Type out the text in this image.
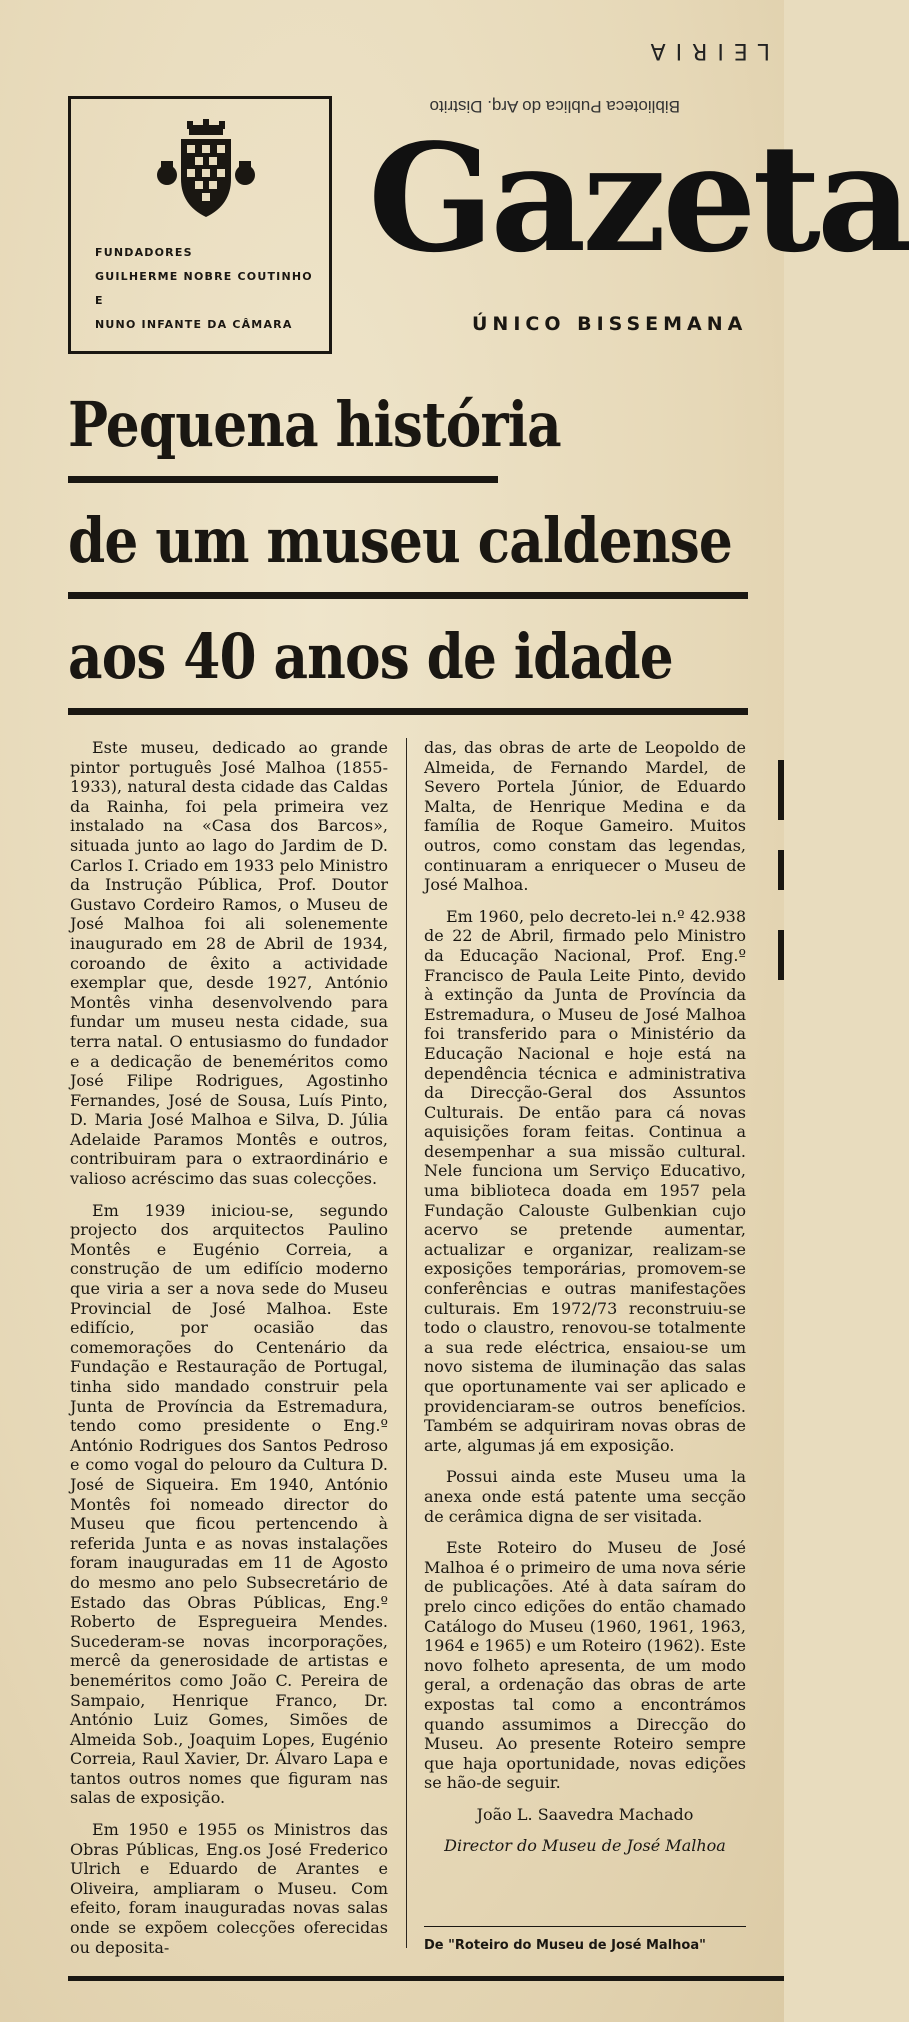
LEIRIA
FUNDADORES
GUILHERME NOBRE COUTINHO
E
NUNO INFANTE DA CÂMARA
Biblioteca Publica do Arq. Distrito
Gazeta
ÚNICO BISSEMANA
Pequena história
de um museu caldense
aos 40 anos de idade

Este museu, dedicado ao grande pintor português José Malhoa (1855-1933), natural desta cidade das Caldas da Rainha, foi pela primeira vez instalado na «Casa dos Barcos», situada junto ao lago do Jardim de D. Carlos I. Criado em 1933 pelo Ministro da Instrução Pública, Prof. Doutor Gustavo Cordeiro Ramos, o Museu de José Malhoa foi ali solenemente inaugurado em 28 de Abril de 1934, coroando de êxito a actividade exemplar que, desde 1927, António Montês vinha desenvolvendo para fundar um museu nesta cidade, sua terra natal. O entusiasmo do fundador e a dedicação de beneméritos como José Filipe Rodrigues, Agostinho Fernandes, José de Sousa, Luís Pinto, D. Maria José Malhoa e Silva, D. Júlia Adelaide Paramos Montês e outros, contribuiram para o extraordinário e valioso acréscimo das suas colecções.

Em 1939 iniciou-se, segundo projecto dos arquitectos Paulino Montês e Eugénio Correia, a construção de um edifício moderno que viria a ser a nova sede do Museu Provincial de José Malhoa. Este edifício, por ocasião das comemorações do Centenário da Fundação e Restauração de Portugal, tinha sido mandado construir pela Junta de Província da Estremadura, tendo como presidente o Eng.º António Rodrigues dos Santos Pedroso e como vogal do pelouro da Cultura D. José de Siqueira. Em 1940, António Montês foi nomeado director do Museu que ficou pertencendo à referida Junta e as novas instalações foram inauguradas em 11 de Agosto do mesmo ano pelo Subsecretário de Estado das Obras Públicas, Eng.º Roberto de Espregueira Mendes. Sucederam-se novas incorporações, mercê da generosidade de artistas e beneméritos como João C. Pereira de Sampaio, Henrique Franco, Dr. António Luiz Gomes, Simões de Almeida Sob., Joaquim Lopes, Eugénio Correia, Raul Xavier, Dr. Álvaro Lapa e tantos outros nomes que figuram nas salas de exposição.

Em 1950 e 1955 os Ministros das Obras Públicas, Eng.os José Frederico Ulrich e Eduardo de Arantes e Oliveira, ampliaram o Museu. Com efeito, foram inauguradas novas salas onde se expõem colecções oferecidas ou deposita-

das, das obras de arte de Leopoldo de Almeida, de Fernando Mardel, de Severo Portela Júnior, de Eduardo Malta, de Henrique Medina e da família de Roque Gameiro. Muitos outros, como constam das legendas, continuaram a enriquecer o Museu de José Malhoa.

Em 1960, pelo decreto-lei n.º 42.938 de 22 de Abril, firmado pelo Ministro da Educação Nacional, Prof. Eng.º Francisco de Paula Leite Pinto, devido à extinção da Junta de Província da Estremadura, o Museu de José Malhoa foi transferido para o Ministério da Educação Nacional e hoje está na dependência técnica e administrativa da Direcção-Geral dos Assuntos Culturais. De então para cá novas aquisições foram feitas. Continua a desempenhar a sua missão cultural. Nele funciona um Serviço Educativo, uma biblioteca doada em 1957 pela Fundação Calouste Gulbenkian cujo acervo se pretende aumentar, actualizar e organizar, realizam-se exposições temporárias, promovem-se conferências e outras manifestações culturais. Em 1972/73 reconstruiu-se todo o claustro, renovou-se totalmente a sua rede eléctrica, ensaiou-se um novo sistema de iluminação das salas que oportunamente vai ser aplicado e providenciaram-se outros benefícios. Também se adquiriram novas obras de arte, algumas já em exposição.

Possui ainda este Museu uma la anexa onde está patente uma secção de cerâmica digna de ser visitada.

Este Roteiro do Museu de José Malhoa é o primeiro de uma nova série de publicações. Até à data saíram do prelo cinco edições do então chamado Catálogo do Museu (1960, 1961, 1963, 1964 e 1965) e um Roteiro (1962). Este novo folheto apresenta, de um modo geral, a ordenação das obras de arte expostas tal como a encontrámos quando assumimos a Direcção do Museu. Ao presente Roteiro sempre que haja oportunidade, novas edições se hão-de seguir.

João L. Saavedra Machado

Director do Museu de José Malhoa

De "Roteiro do Museu de José Malhoa"
